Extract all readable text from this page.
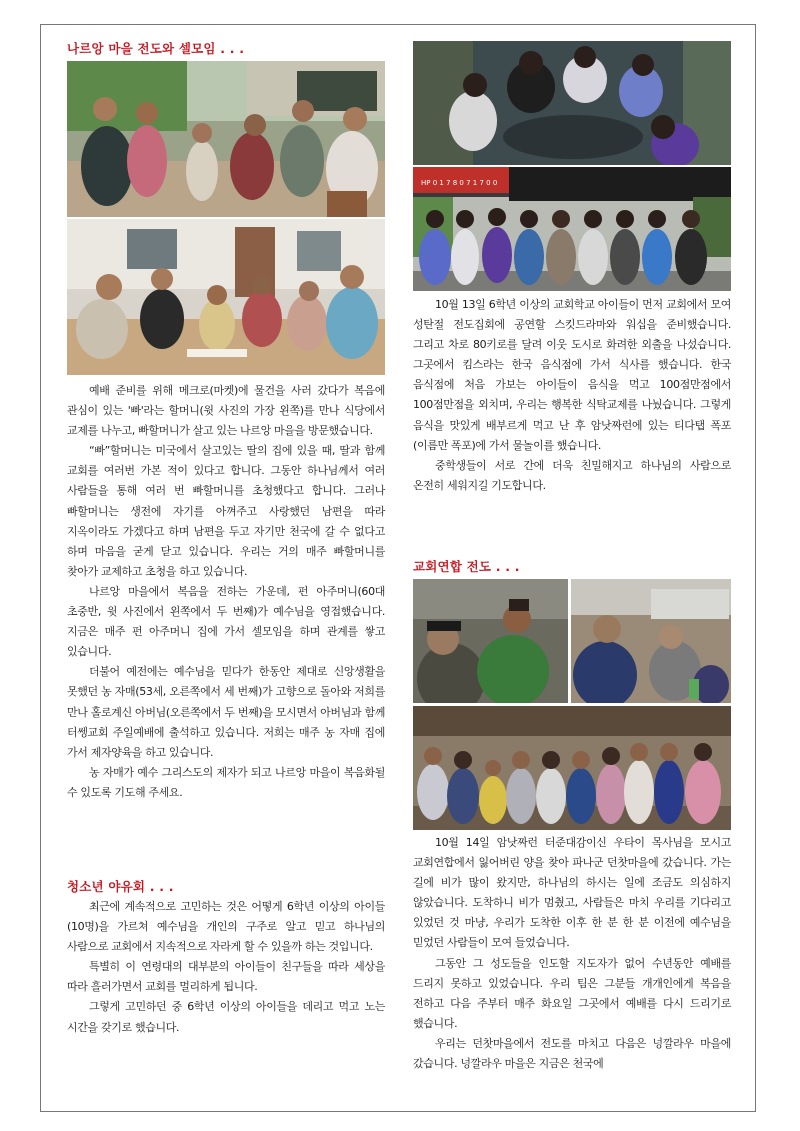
나르앙 마을 전도와 셀모임 . . .

예배 준비를 위해 메크로(마켓)에 물건을 사러 갔다가 복음에 관심이 있는 '빠'라는 할머니(윗 사진의 가장 왼쪽)를 만나 식당에서 교제를 나누고, 빠할머니가 살고 있는 나르앙 마을을 방문했습니다.

“빠”할머니는 미국에서 살고있는 딸의 집에 있을 때, 딸과 함께 교회를 여러번 가본 적이 있다고 합니다. 그동안 하나님께서 여러 사람들을 통해 여러 번 빠할머니를 초청했다고 합니다. 그러나 빠할머니는 생전에 자기를 아껴주고 사랑했던 남편을 따라 지옥이라도 가겠다고 하며 남편을 두고 자기만 천국에 갈 수 없다고 하며 마음을 굳게 닫고 있습니다. 우리는 거의 매주 빠할머니를 찾아가 교제하고 초청을 하고 있습니다.

나르앙 마을에서 복음을 전하는 가운데, 펀 아주머니(60대 초중반, 윗 사진에서 왼쪽에서 두 번째)가 예수님을 영접했습니다. 지금은 매주 펀 아주머니 집에 가서 셀모임을 하며 관계를 쌓고 있습니다.

더불어 예전에는 예수님을 믿다가 한동안 제대로 신앙생활을 못했던 농 자매(53세, 오른쪽에서 세 번째)가 고향으로 돌아와 저희를 만나 홀로계신 아버님(오른쪽에서 두 번째)을 모시면서 아버님과 함께 터쎙교회 주일예배에 출석하고 있습니다. 저희는 매주 농 자매 집에 가서 제자양육을 하고 있습니다.

농 자매가 예수 그리스도의 제자가 되고 나르앙 마을이 복음화될 수 있도록 기도해 주세요.

청소년 야유회 . . .

최근에 계속적으로 고민하는 것은 어떻게 6학년 이상의 아이들(10명)을 가르쳐 예수님을 개인의 구주로 알고 믿고 하나님의 사람으로 교회에서 지속적으로 자라게 할 수 있을까 하는 것입니다.

특별히 이 연령대의 대부분의 아이들이 친구들을 따라 세상을 따라 흘러가면서 교회를 멀리하게 됩니다.

그렇게 고민하던 중 6학년 이상의 아이들을 데리고 먹고 노는 시간을 갖기로 했습니다.

HP 0 1 7 8 0 7 1 7 0 0

10월 13일 6학년 이상의 교회학교 아이들이 먼저 교회에서 모여 성탄절 전도집회에 공연할 스킷드라마와 워십을 준비했습니다. 그리고 차로 80키로를 달려 이웃 도시로 화려한 외출을 나섰습니다. 그곳에서 킴스라는 한국 음식점에 가서 식사를 했습니다. 한국 음식점에 처음 가보는 아이들이 음식을 먹고 100점만점에서 100점만점을 외치며, 우리는 행복한 식탁교제를 나눴습니다. 그렇게 음식을 맛있게 배부르게 먹고 난 후 암낫짜런에 있는 티다탭 폭포(이름만 폭포)에 가서 물놀이를 했습니다.

중학생들이 서로 간에 더욱 친밀해지고 하나님의 사람으로 온전히 세워지길 기도합니다.

교회연합 전도 . . .

10월 14일 암낫짜런 터준대감이신 우타이 목사님을 모시고 교회연합에서 잃어버린 양을 찾아 파나군 던찻마을에 갔습니다. 가는 길에 비가 많이 왔지만, 하나님의 하시는 일에 조금도 의심하지 않았습니다. 도착하니 비가 멈췄고, 사람들은 마치 우리를 기다리고 있었던 것 마냥, 우리가 도착한 이후 한 분 한 분 이전에 예수님을 믿었던 사람들이 모여 들었습니다.

그동안 그 성도들을 인도할 지도자가 없어 수년동안 예배를 드리지 못하고 있었습니다. 우리 팀은 그분들 개개인에게 복음을 전하고 다음 주부터 매주 화요일 그곳에서 예배를 다시 드리기로 했습니다.

우리는 던찻마을에서 전도를 마치고 다음은 넝깔라우 마을에 갔습니다. 넝깔라우 마을은 지금은 천국에
